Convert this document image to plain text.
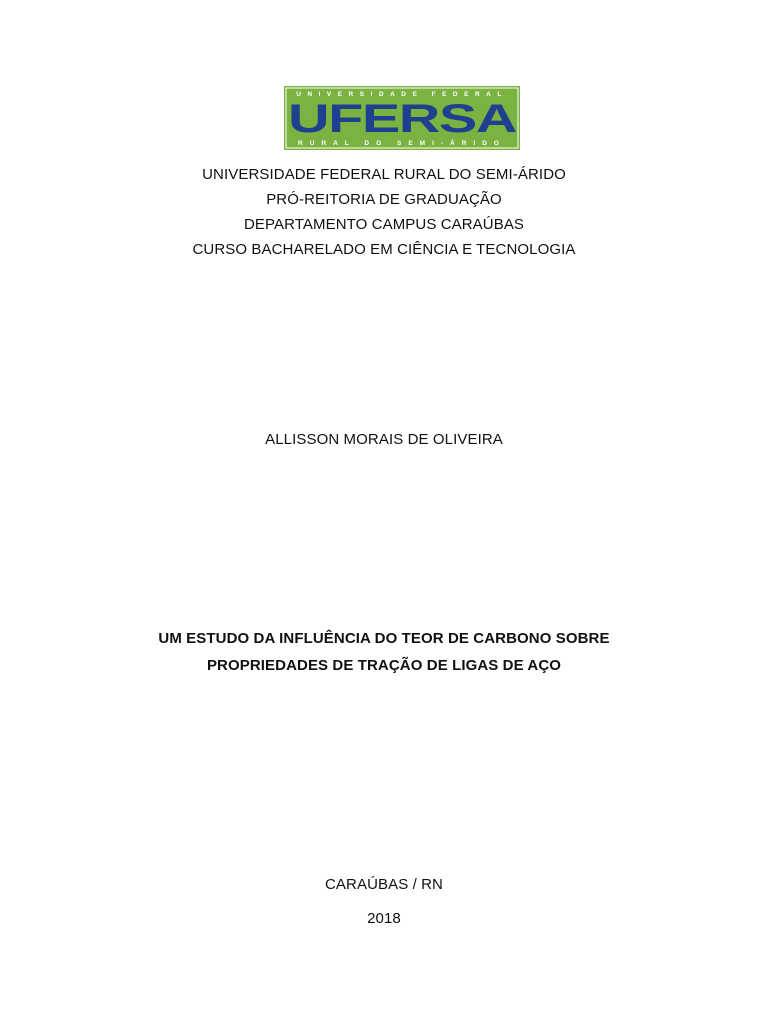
UNIVERSIDADE FEDERAL
UFERSA
RURAL DO SEMI-ÁRIDO
UNIVERSIDADE FEDERAL RURAL DO SEMI-ÁRIDO
PRÓ-REITORIA DE GRADUAÇÃO
DEPARTAMENTO CAMPUS CARAÚBAS
CURSO BACHARELADO EM CIÊNCIA E TECNOLOGIA
ALLISSON MORAIS DE OLIVEIRA
UM ESTUDO DA INFLUÊNCIA DO TEOR DE CARBONO SOBRE
PROPRIEDADES DE TRAÇÃO DE LIGAS DE AÇO
CARAÚBAS / RN
2018
